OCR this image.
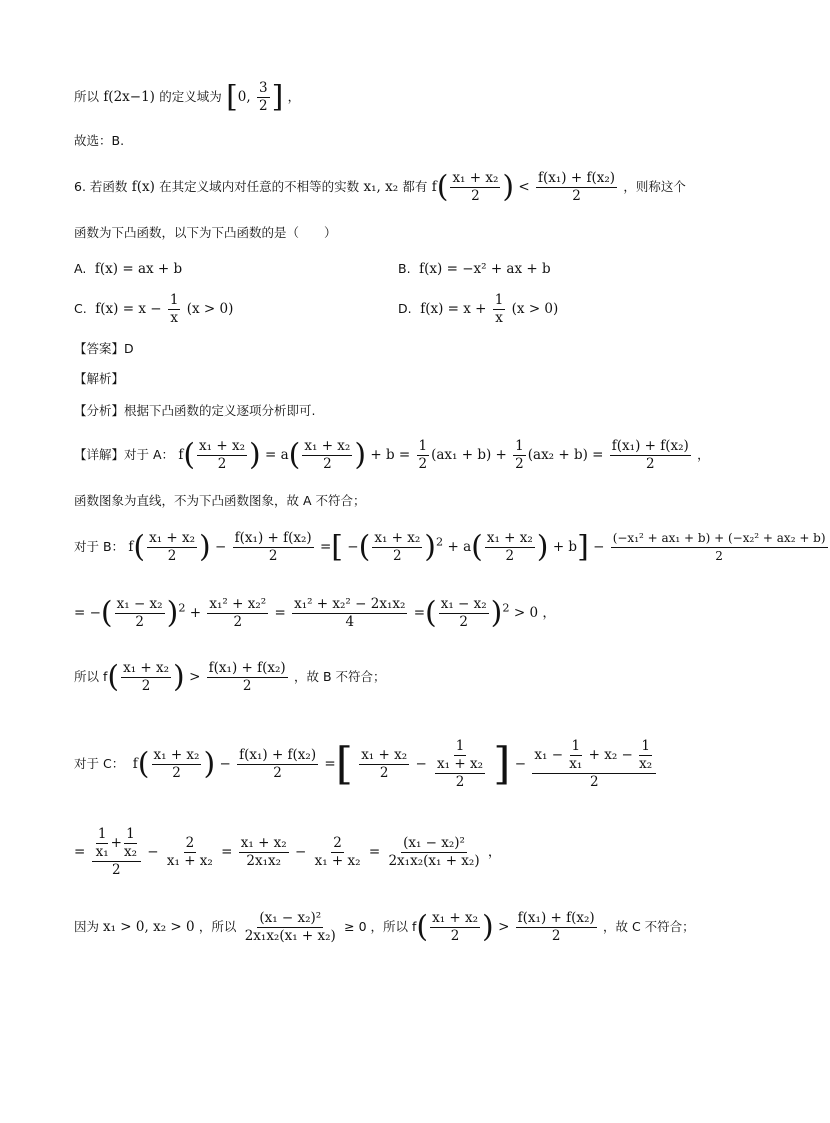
所以 f(2x−1) 的定义域为 [0, $\frac{3}{2}$ ] ，
故选：B.
6. 若函数 f(x) 在其定义域内对任意的不相等的实数 x₁, x₂ 都有 $f( \frac{\text{x₁ + x₂}}{2}$ ) < $\frac{\text{f(x₁) + f(x₂)}}{2}$ ，则称这个
函数为下凸函数，以下为下凸函数的是（　　）
A. f(x) = ax + b	B. f(x) = −x² + ax + b
C. $f(x) = x - \frac{1}{x} (x > 0)$	D. $f(x) = x + \frac{1}{x} (x > 0)$
【答案】D
【解析】
【分析】根据下凸函数的定义逐项分析即可.
【详解】对于 A： $f( \frac{\text{x₁ + x₂}}{2}$ ) = $a( \frac{\text{x₁ + x₂}}{2}$ ) + $b = \frac{1}{2} (ax_1 + b) + \frac{1}{2} (ax_2 + b) = \frac{\text{f(x₁) + f(x₂)}}{2}$ ，
函数图象为直线，不为下凸函数图象，故 A 不符合；
对于 B： $f( \frac{\text{x₁ + x₂}}{2}$ ) − $\frac{\text{f(x₁) + f(x₂)}}{2}$ =[ −( $\frac{\text{x₁ + x₂}}{2} )^2 + a( \frac{\text{x₁ + x₂}}{2}$ ) + $b] - \frac{\text{(−x₁² + ax₁ + b) + (−x₂² + ax₂ + b)}}{2}$
= −( $\frac{\text{x₁ − x₂}}{2} )^2 + \frac{\text{x₁² + x₂²}}{2} = \frac{\text{x₁² + x₂² − 2x₁x₂}}{4}$ =( $\frac{\text{x₁ − x₂}}{2} )^2 > 0$ ，
所以 $f( \frac{\text{x₁ + x₂}}{2}$ ) > $\frac{\text{f(x₁) + f(x₂)}}{2}$ ，故 B 不符合；
对于 C： $f( \frac{\text{x₁ + x₂}}{2}$ ) − $\frac{\text{f(x₁) + f(x₂)}}{2}$ =[ $\frac{\text{x₁ + x₂}}{2} - \frac{1}{\frac{\text{x₁ + x₂}}{2}}$ ] − $\frac{x_1 - \frac{1}{\text{x₁}} + x_2 - \frac{1}{\text{x₂}}}{2}$
= $\frac{\frac{1}{\text{x₁}} + \frac{1}{\text{x₂}}}{2} - \frac{2}{\text{x₁ + x₂}} = \frac{\text{x₁ + x₂}}{\text{2x₁x₂}} - \frac{2}{\text{x₁ + x₂}} = \frac{\text{(x₁ − x₂)²}}{\text{2x₁x₂(x₁ + x₂)}}$ ，
因为 x₁ > 0, x₂ > 0 ，所以 $\frac{\text{(x₁ − x₂)²}}{\text{2x₁x₂(x₁ + x₂)}} \ge 0$ ，所以 $f( \frac{\text{x₁ + x₂}}{2}$ ) > $\frac{\text{f(x₁) + f(x₂)}}{2}$ ，故 C 不符合；
